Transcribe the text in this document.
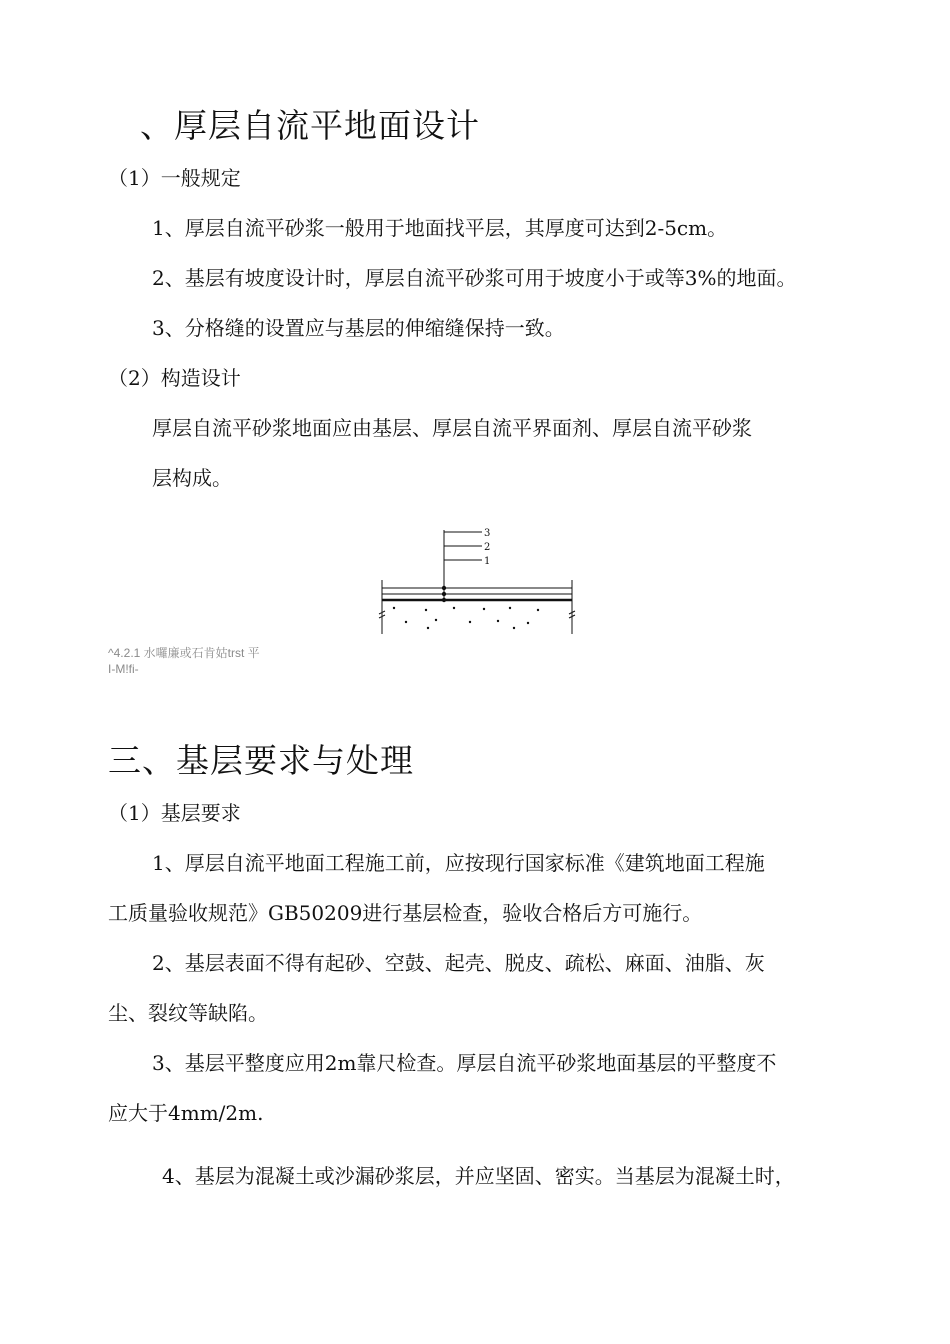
、厚层自流平地面设计
（1）一般规定
1、厚层自流平砂浆一般用于地面找平层，其厚度可达到2-5cm。
2、基层有坡度设计时，厚层自流平砂浆可用于坡度小于或等3%的地面。
3、分格缝的设置应与基层的伸缩缝保持一致。
（2）构造设计
厚层自流平砂浆地面应由基层、厚层自流平界面剂、厚层自流平砂浆
层构成。
3
2
1
^4.2.1 水囉廉或石肯姑trst 平
I-M!fi-
三、基层要求与处理
（1）基层要求
1、厚层自流平地面工程施工前，应按现行国家标准《建筑地面工程施
工质量验收规范》GB50209进行基层检查，验收合格后方可施行。
2、基层表面不得有起砂、空鼓、起壳、脱皮、疏松、麻面、油脂、灰
尘、裂纹等缺陷。
3、基层平整度应用2m靠尺检查。厚层自流平砂浆地面基层的平整度不
应大于4mm/2m.
4、基层为混凝土或沙漏砂浆层，并应坚固、密实。当基层为混凝土时，
